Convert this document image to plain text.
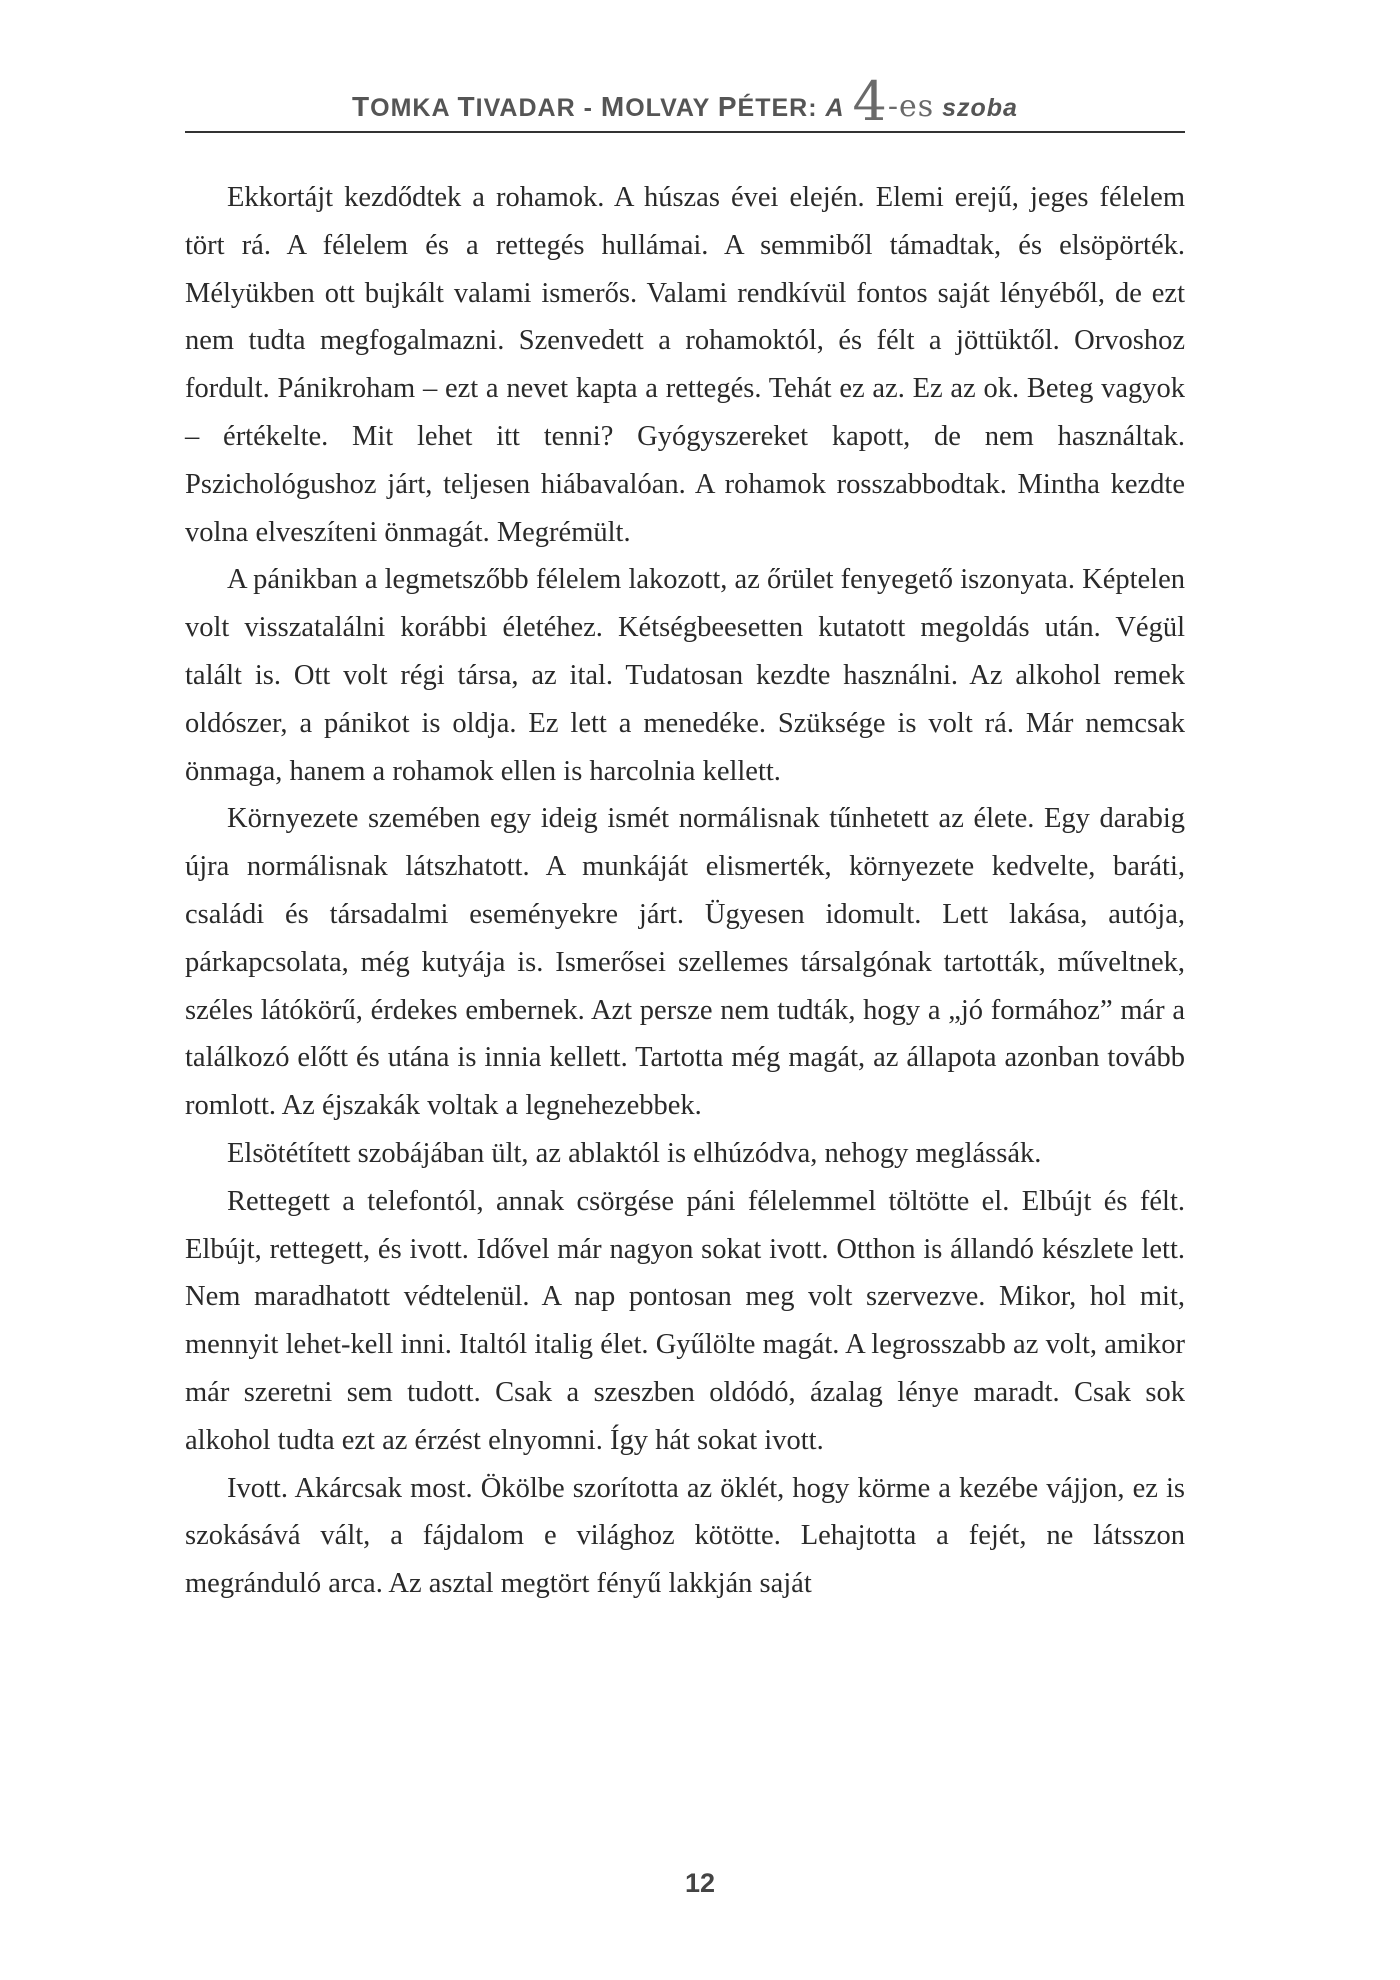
TOMKA TIVADAR - MOLVAY PÉTER: A 4-es szoba

Ekkortájt kezdődtek a rohamok. A húszas évei elején. Elemi erejű, jeges félelem tört rá. A félelem és a rettegés hullámai. A semmiből támadtak, és elsöpörték. Mélyükben ott bujkált valami ismerős. Valami rendkívül fontos saját lényéből, de ezt nem tudta megfogalmazni. Szenvedett a rohamoktól, és félt a jöttüktől. Orvoshoz fordult. Pánikroham – ezt a nevet kapta a rettegés. Tehát ez az. Ez az ok. Beteg vagyok – értékelte. Mit lehet itt tenni? Gyógyszereket kapott, de nem használtak. Pszichológushoz járt, teljesen hiábavalóan. A rohamok rosszabbodtak. Mintha kezdte volna elveszíteni önmagát. Megrémült.

A pánikban a legmetszőbb félelem lakozott, az őrület fenyegető iszonyata. Képtelen volt visszatalálni korábbi életéhez. Kétségbeesetten kutatott megoldás után. Végül talált is. Ott volt régi társa, az ital. Tudatosan kezdte használni. Az alkohol remek oldószer, a pánikot is oldja. Ez lett a menedéke. Szüksége is volt rá. Már nemcsak önmaga, hanem a rohamok ellen is harcolnia kellett.

Környezete szemében egy ideig ismét normálisnak tűnhetett az élete. Egy darabig újra normálisnak látszhatott. A munkáját elismerték, környezete kedvelte, baráti, családi és társadalmi eseményekre járt. Ügyesen idomult. Lett lakása, autója, párkapcsolata, még kutyája is. Ismerősei szellemes társalgónak tartották, műveltnek, széles látókörű, érdekes embernek. Azt persze nem tudták, hogy a „jó formához” már a találkozó előtt és utána is innia kellett. Tartotta még magát, az állapota azonban tovább romlott. Az éjszakák voltak a legnehezebbek.

Elsötétített szobájában ült, az ablaktól is elhúzódva, nehogy meglássák.

Rettegett a telefontól, annak csörgése páni félelemmel töltötte el. Elbújt és félt. Elbújt, rettegett, és ivott. Idővel már nagyon sokat ivott. Otthon is állandó készlete lett. Nem maradhatott védtelenül. A nap pontosan meg volt szervezve. Mikor, hol mit, mennyit lehet-kell inni. Italtól italig élet. Gyűlölte magát. A legrosszabb az volt, amikor már szeretni sem tudott. Csak a szeszben oldódó, ázalag lénye maradt. Csak sok alkohol tudta ezt az érzést elnyomni. Így hát sokat ivott.

Ivott. Akárcsak most. Ökölbe szorította az öklét, hogy körme a kezébe vájjon, ez is szokásává vált, a fájdalom e világhoz kötötte. Lehajtotta a fejét, ne látsszon megránduló arca. Az asztal megtört fényű lakkján saját

12
